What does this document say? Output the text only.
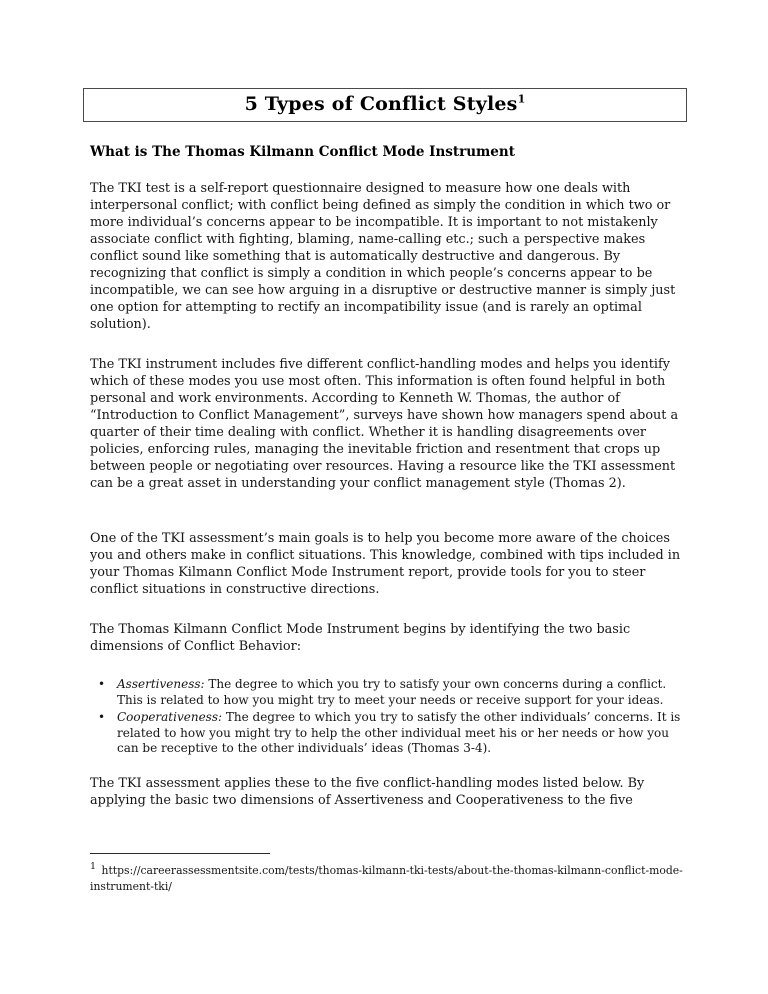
5 Types of Conflict Styles$^1$
What is The Thomas Kilmann Conflict Mode Instrument

The TKI test is a self-report questionnaire designed to measure how one deals with interpersonal conflict; with conflict being defined as simply the condition in which two or more individual’s concerns appear to be incompatible. It is important to not mistakenly associate conflict with fighting, blaming, name-calling etc.; such a perspective makes conflict sound like something that is automatically destructive and dangerous. By recognizing that conflict is simply a condition in which people’s concerns appear to be incompatible, we can see how arguing in a disruptive or destructive manner is simply just one option for attempting to rectify an incompatibility issue (and is rarely an optimal solution).

The TKI instrument includes five different conflict-handling modes and helps you identify which of these modes you use most often. This information is often found helpful in both personal and work environments. According to Kenneth W. Thomas, the author of “Introduction to Conflict Management”, surveys have shown how managers spend about a quarter of their time dealing with conflict. Whether it is handling disagreements over policies, enforcing rules, managing the inevitable friction and resentment that crops up between people or negotiating over resources. Having a resource like the TKI assessment can be a great asset in understanding your conflict management style (Thomas 2).

One of the TKI assessment’s main goals is to help you become more aware of the choices you and others make in conflict situations. This knowledge, combined with tips included in your Thomas Kilmann Conflict Mode Instrument report, provide tools for you to steer conflict situations in constructive directions.

The Thomas Kilmann Conflict Mode Instrument begins by identifying the two basic dimensions of Conflict Behavior:

• Assertiveness: The degree to which you try to satisfy your own concerns during a conflict. This is related to how you might try to meet your needs or receive support for your ideas.
• Cooperativeness: The degree to which you try to satisfy the other individuals’ concerns. It is related to how you might try to help the other individual meet his or her needs or how you can be receptive to the other individuals’ ideas (Thomas 3-4).

The TKI assessment applies these to the five conflict-handling modes listed below. By applying the basic two dimensions of Assertiveness and Cooperativeness to the five

$^1$ https://careerassessmentsite.com/tests/thomas-kilmann-tki-tests/about-the-thomas-kilmann-conflict-mode-instrument-tki/
